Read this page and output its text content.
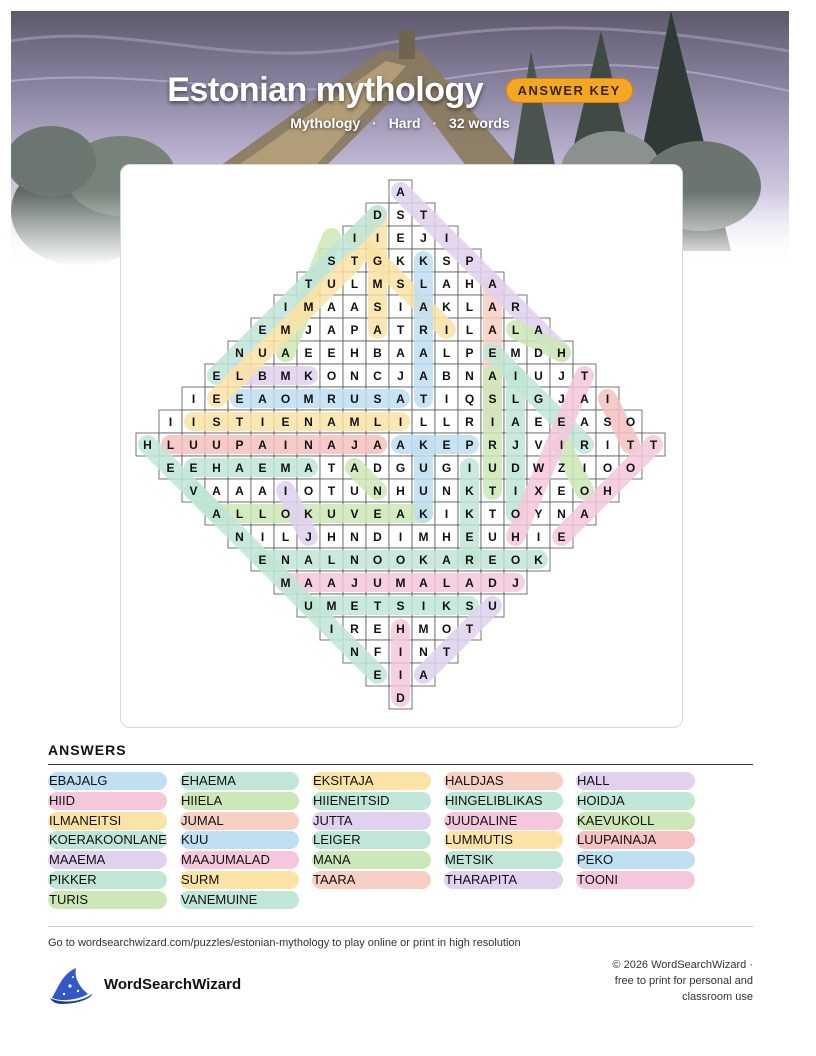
Estonian mythology	ANSWER KEY
Mythology · Hard · 32 words
A
D S T
I I E J I
S T G K K S P
T U L M S L A H A
I M A A S I A K L A R
E M J A P A T R I L A L A
N U A E E H B A A L P E M D H
E L B M K O N C J A B N A I U J T
I E E A O M R U S A T I Q S L G J A I
I I S T I E N A M L I L L R I A E E A S O
H L U U P A I N A J A A K E P R J V I R I T T
E E H A E M A T A D G U G I U D W Z I O O
V A A A I O T U N H U N K T I X E O H
A L L O K U V E A K I K T O Y N A
N I L J H N D I M H E U H I E
E N A L N O O K A R E O K
M A A J U M A L A D J
U M E T S I K S U
I R E H M O T
N F I N T
E I A
D
ANSWERS
EBAJALG
HIID
ILMANEITSI
KOERAKOONLANE
MAAEMA
PIKKER
TURIS
EHAEMA
HIIELA
JUMAL
KUU
MAAJUMALAD
SURM
VANEMUINE
EKSITAJA
HIIENEITSID
JUTTA
LEIGER
MANA
TAARA
HALDJAS
HINGELIBLIKAS
JUUDALINE
LUMMUTIS
METSIK
THARAPITA
HALL
HOIDJA
KAEVUKOLL
LUUPAINAJA
PEKO
TOONI
Go to wordsearchwizard.com/puzzles/estonian-mythology to play online or print in high resolution
WordSearchWizard
© 2026 WordSearchWizard ·
free to print for personal and
classroom use
